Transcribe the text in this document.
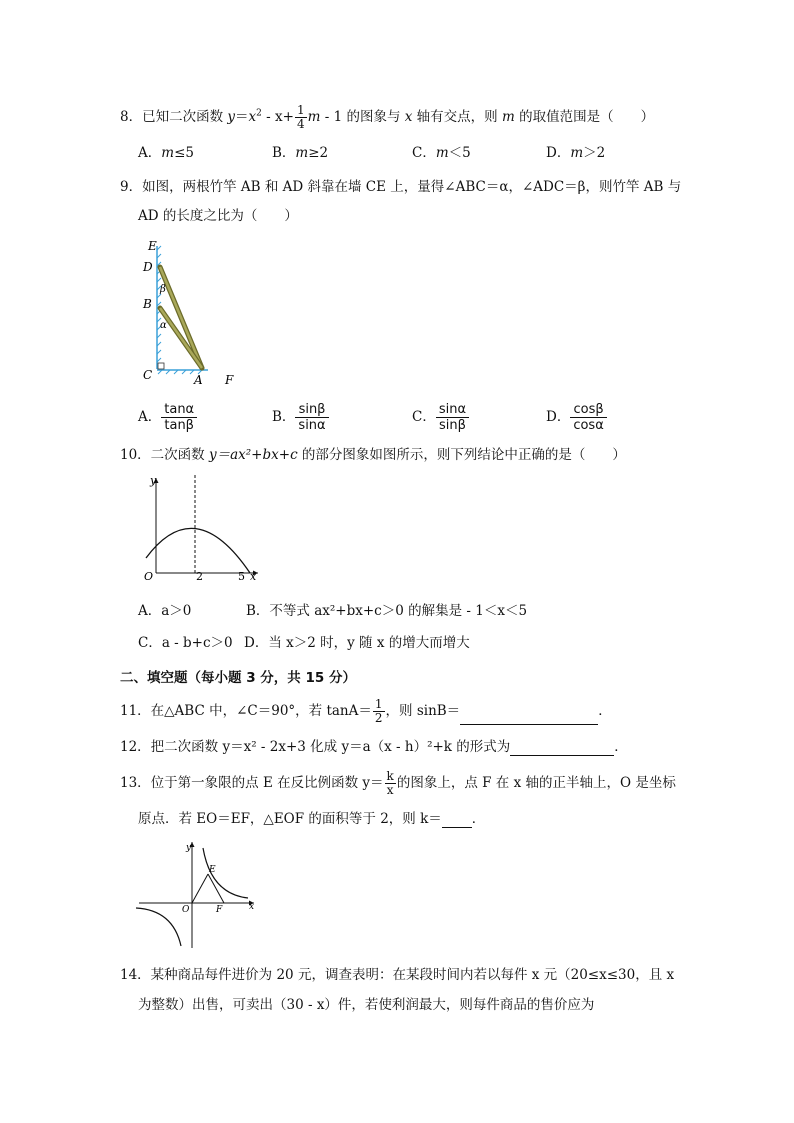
8．已知二次函数 $y=x^2 - x+ \frac{1}{4}$ m - 1 的图象与 x 轴有交点，则 m 的取值范围是（　　）
A．m≤5	B．m≥2	C．m＜5	D．m＞2
9．如图，两根竹竿 AB 和 AD 斜靠在墙 CE 上，量得∠ABC＝α，∠ADC＝β，则竹竿 AB 与
AD 的长度之比为（　　）
E
D
β
B
α
C	A F
A． $\frac{\tan\alpha}{\tan\beta}$	B． $\frac{\sin\beta}{\sin\alpha}$	C． $\frac{\sin\alpha}{\sin\beta}$	D． $\frac{\cos\beta}{\cos\alpha}$
10．二次函数 y＝ax²+bx+c 的部分图象如图所示，则下列结论中正确的是（　　）
y
O	2	5 x
A．a＞0	B．不等式 ax²+bx+c＞0 的解集是 - 1＜x＜5
C．a - b+c＞0 D．当 x＞2 时，y 随 x 的增大而增大
二、填空题（每小题 3 分，共 15 分）
11．在△ABC 中，∠C＝90°，若 $\tan A= \frac{1}{2}$ ，则 sinB＝	．
12．把二次函数 y＝x² - 2x+3 化成 y＝a（x - h）²+k 的形式为	．
13．位于第一象限的点 E 在反比例函数 $y= \frac{k}{x}$ 的图象上，点 F 在 x 轴的正半轴上，O 是坐标
原点．若 EO＝EF，△EOF 的面积等于 2，则 k＝ ．
y
E
O	F	x
14．某种商品每件进价为 20 元，调查表明：在某段时间内若以每件 x 元（20≤x≤30，且 x
为整数）出售，可卖出（30 - x）件，若使利润最大，则每件商品的售价应为
